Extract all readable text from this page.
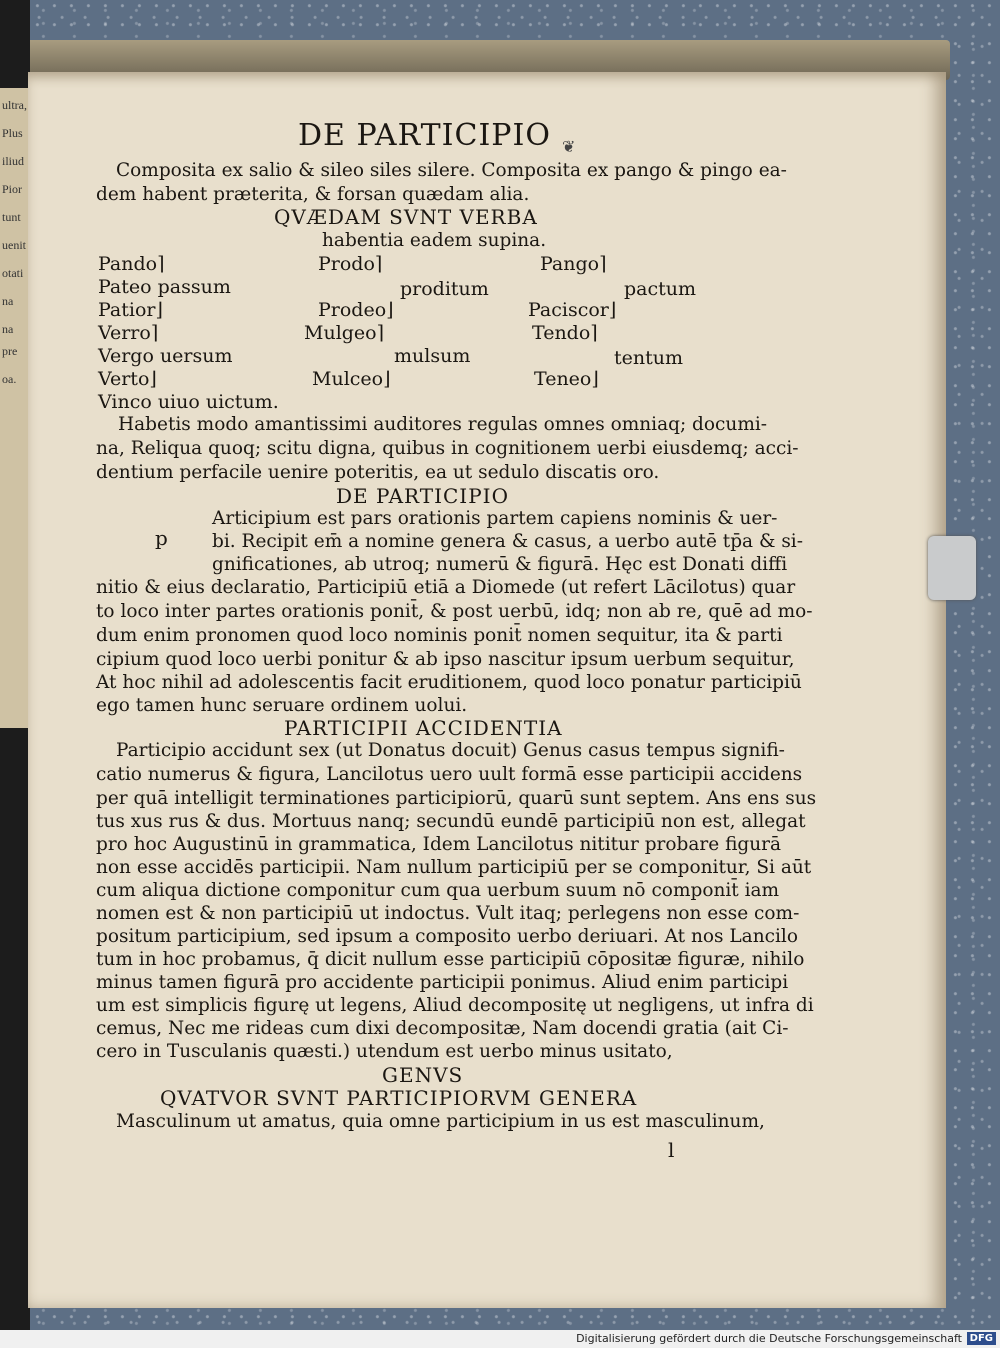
ultra,
Plus
iliud
Pior
tunt
uenit
otati
na
na pre
oa.
DE PARTICIPIO ❦
Composita ex salio & sileo siles silere. Composita ex pango & pingo ea-
dem habent præterita, & forsan quædam alia.
QVÆDAM SVNT VERBA
habentia eadem supina.
Pando⌉	Prodo⌉	Pango⌉
Pateo passum	proditum	pactum
Patior⌋	Prodeo⌋	Paciscor⌋
Verro⌉	Mulgeo⌉	Tendo⌉
Vergo uersum	mulsum	tentum
Verto⌋	Mulceo⌋	Teneo⌋
Vinco uiuo uictum.
Habetis modo amantissimi auditores regulas omnes omniaq; documi-
na, Reliqua quoq; scitu digna, quibus in cognitionem uerbi eiusdemq; acci-
dentium perfacile uenire poteritis, ea ut sedulo discatis oro.
DE PARTICIPIO
p
Articipium est pars orationis partem capiens nominis & uer-
bi. Recipit em̄ a nomine genera & casus, a uerbo autē tp̄a & si-
gnificationes, ab utroq; numerū & figurā. Hęc est Donati diffi
nitio & eius declaratio, Participiū etiā a Diomede (ut refert Lācilotus) quar
to loco inter partes orationis ponit̄, & post uerbū, idq; non ab re, quē ad mo-
dum enim pronomen quod loco nominis ponit̄ nomen sequitur, ita & parti
cipium quod loco uerbi ponitur & ab ipso nascitur ipsum uerbum sequitur,
At hoc nihil ad adolescentis facit eruditionem, quod loco ponatur participiū
ego tamen hunc seruare ordinem uolui.
PARTICIPII ACCIDENTIA
Participio accidunt sex (ut Donatus docuit) Genus casus tempus signifi-
catio numerus & figura, Lancilotus uero uult formā esse participii accidens
per quā intelligit terminationes participiorū, quarū sunt septem. Ans ens sus
tus xus rus & dus. Mortuus nanq; secundū eundē participiū non est, allegat
pro hoc Augustinū in grammatica, Idem Lancilotus nititur probare figurā
non esse accidēs participii. Nam nullum participiū per se componitur, Si aūt
cum aliqua dictione componitur cum qua uerbum suum nō componit̄ iam
nomen est & non participiū ut indoctus. Vult itaq; perlegens non esse com-
positum participium, sed ipsum a composito uerbo deriuari. At nos Lancilo
tum in hoc probamus, q̄ dicit nullum esse participiū cōpositæ figuræ, nihilo
minus tamen figurā pro accidente participii ponimus. Aliud enim participi
um est simplicis figurę ut legens, Aliud decompositę ut negligens, ut infra di
cemus, Nec me rideas cum dixi decompositæ, Nam docendi gratia (ait Ci-
cero in Tusculanis quæsti.) utendum est uerbo minus usitato,
GENVS
QVATVOR SVNT PARTICIPIORVM GENERA
Masculinum ut amatus, quia omne participium in us est masculinum,
l
Digitalisierung gefördert durch die Deutsche Forschungsgemeinschaft DFG
